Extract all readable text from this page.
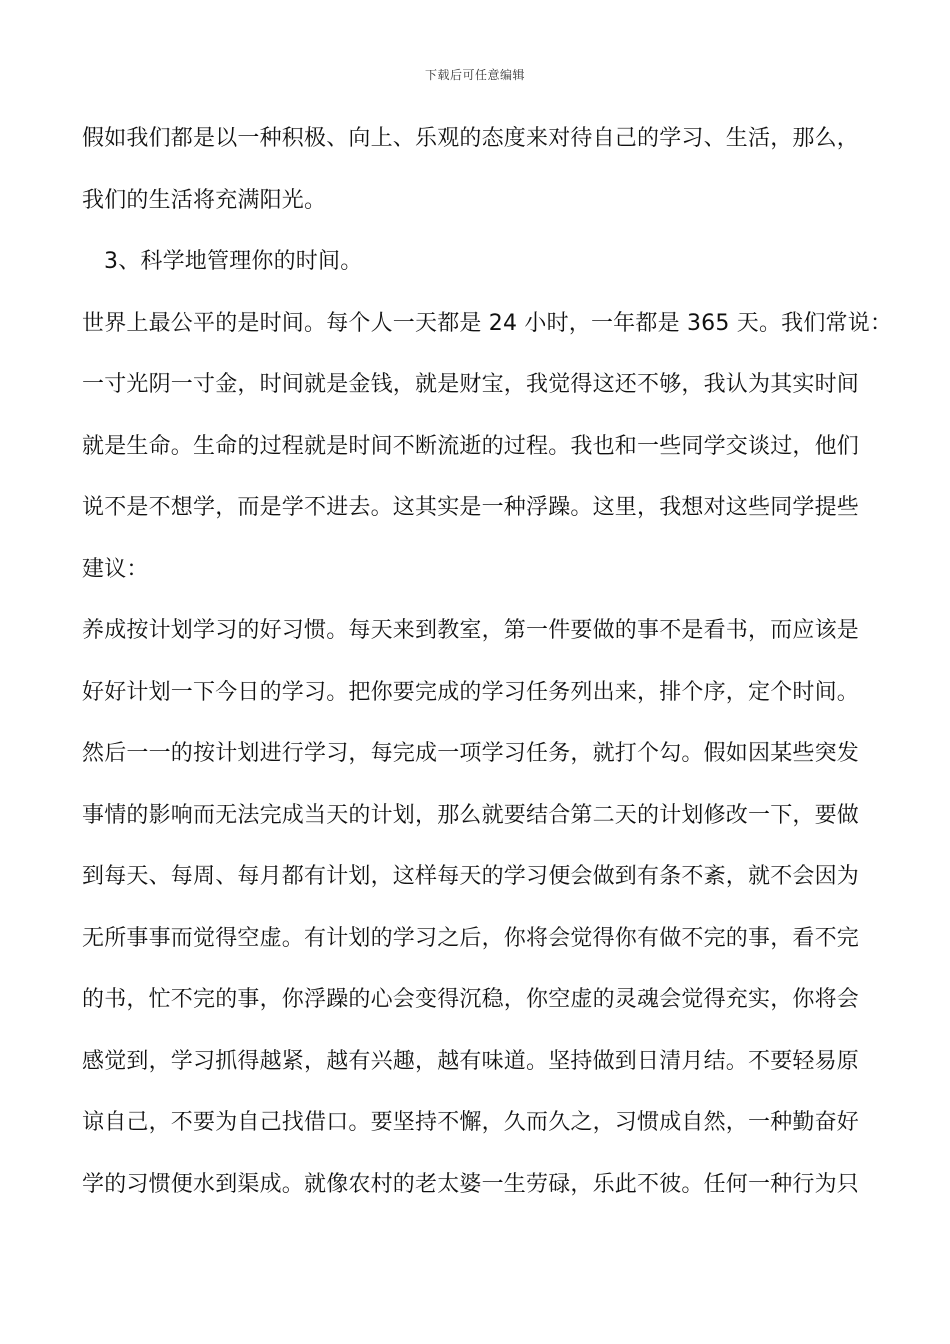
下载后可任意编辑
假如我们都是以一种积极、向上、乐观的态度来对待自己的学习、生活，那么，
我们的生活将充满阳光。
3、科学地管理你的时间。
世界上最公平的是时间。每个人一天都是 24 小时，一年都是 365 天。我们常说：
一寸光阴一寸金，时间就是金钱，就是财宝，我觉得这还不够，我认为其实时间
就是生命。生命的过程就是时间不断流逝的过程。我也和一些同学交谈过，他们
说不是不想学，而是学不进去。这其实是一种浮躁。这里，我想对这些同学提些
建议：
养成按计划学习的好习惯。每天来到教室，第一件要做的事不是看书，而应该是
好好计划一下今日的学习。把你要完成的学习任务列出来，排个序，定个时间。
然后一一的按计划进行学习，每完成一项学习任务，就打个勾。假如因某些突发
事情的影响而无法完成当天的计划，那么就要结合第二天的计划修改一下，要做
到每天、每周、每月都有计划，这样每天的学习便会做到有条不紊，就不会因为
无所事事而觉得空虚。有计划的学习之后，你将会觉得你有做不完的事，看不完
的书，忙不完的事，你浮躁的心会变得沉稳，你空虚的灵魂会觉得充实，你将会
感觉到，学习抓得越紧，越有兴趣，越有味道。坚持做到日清月结。不要轻易原
谅自己，不要为自己找借口。要坚持不懈，久而久之，习惯成自然，一种勤奋好
学的习惯便水到渠成。就像农村的老太婆一生劳碌，乐此不彼。任何一种行为只
